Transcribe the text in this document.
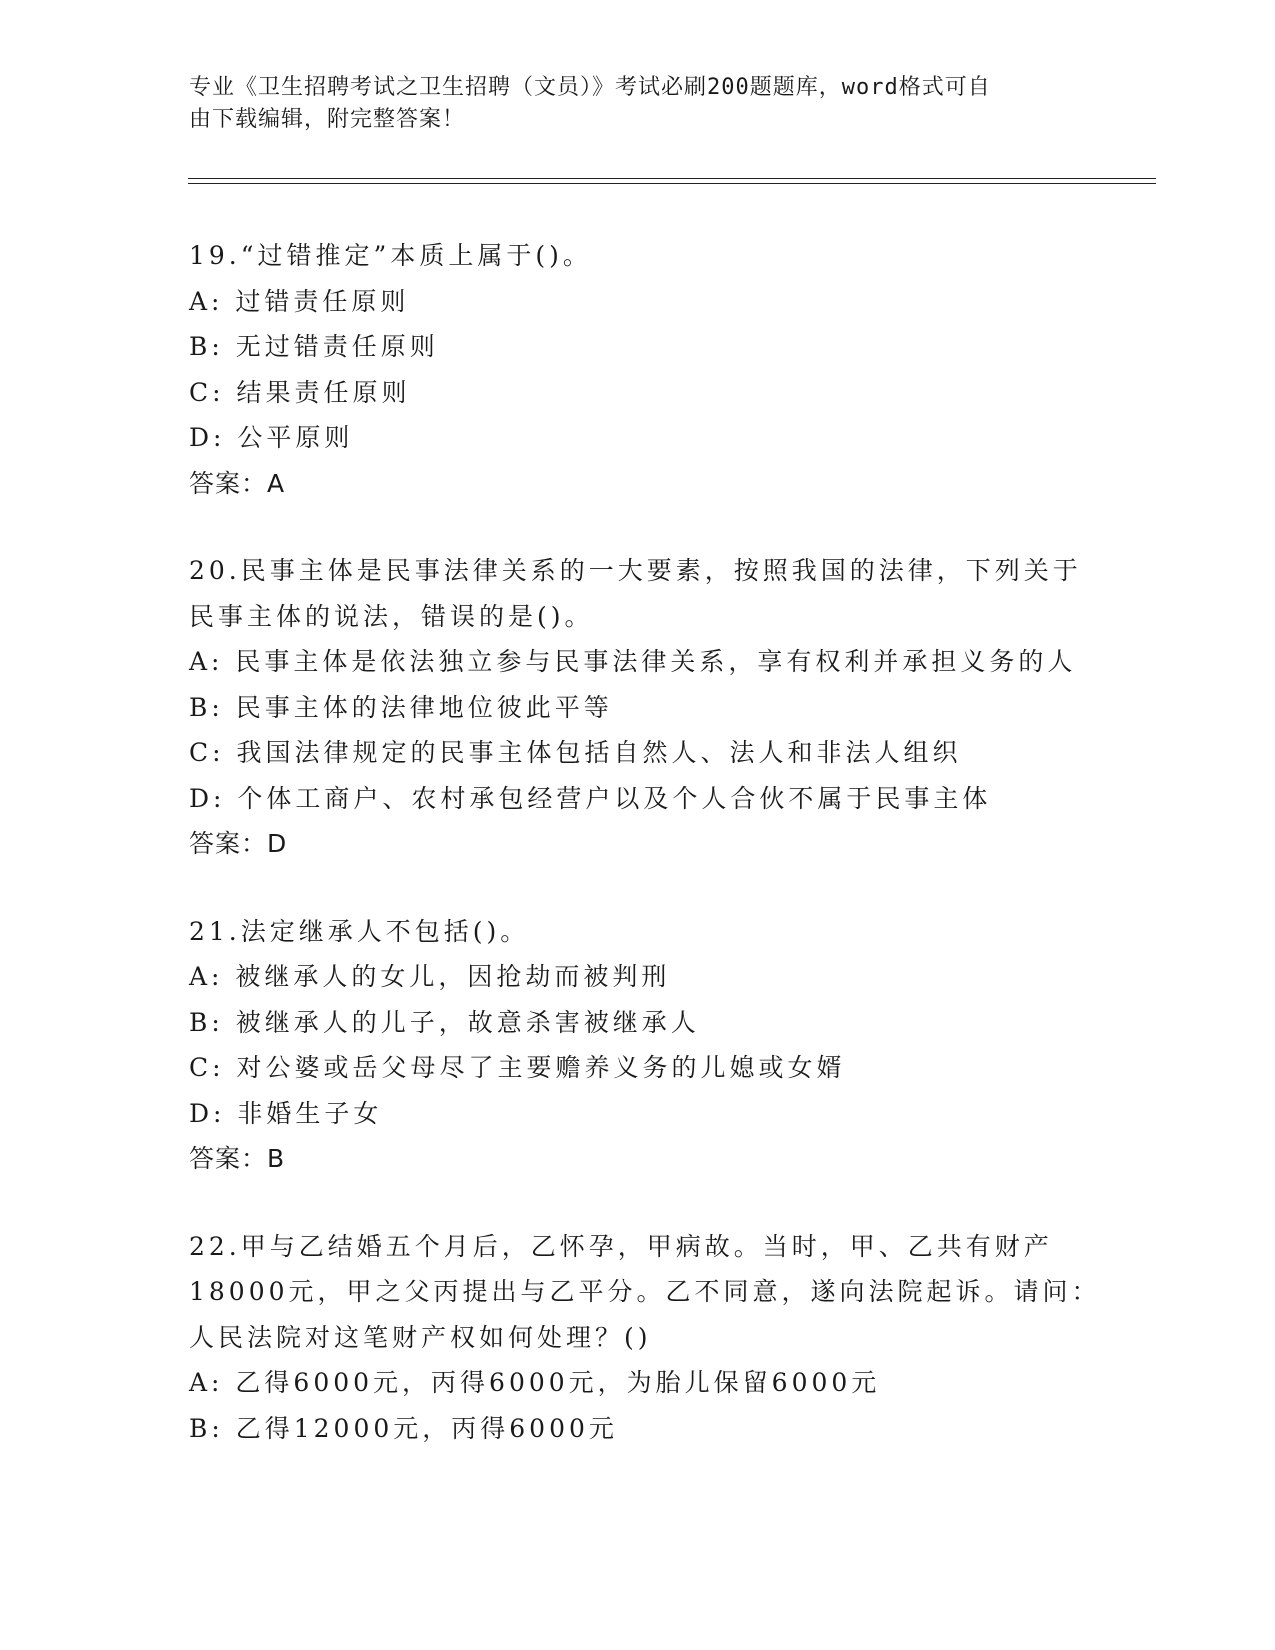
专业《卫生招聘考试之卫生招聘（文员）》考试必刷200题题库，word格式可自
由下载编辑，附完整答案！
19.“过错推定”本质上属于()。
A: 过错责任原则
B: 无过错责任原则
C: 结果责任原则
D: 公平原则
答案：A
20.民事主体是民事法律关系的一大要素，按照我国的法律，下列关于
民事主体的说法，错误的是()。
A: 民事主体是依法独立参与民事法律关系，享有权利并承担义务的人
B: 民事主体的法律地位彼此平等
C: 我国法律规定的民事主体包括自然人、法人和非法人组织
D: 个体工商户、农村承包经营户以及个人合伙不属于民事主体
答案：D
21.法定继承人不包括()。
A: 被继承人的女儿，因抢劫而被判刑
B: 被继承人的儿子，故意杀害被继承人
C: 对公婆或岳父母尽了主要赡养义务的儿媳或女婿
D: 非婚生子女
答案：B
22.甲与乙结婚五个月后，乙怀孕，甲病故。当时，甲、乙共有财产
18000元，甲之父丙提出与乙平分。乙不同意，遂向法院起诉。请问：
人民法院对这笔财产权如何处理？()
A: 乙得6000元，丙得6000元，为胎儿保留6000元
B: 乙得12000元，丙得6000元
